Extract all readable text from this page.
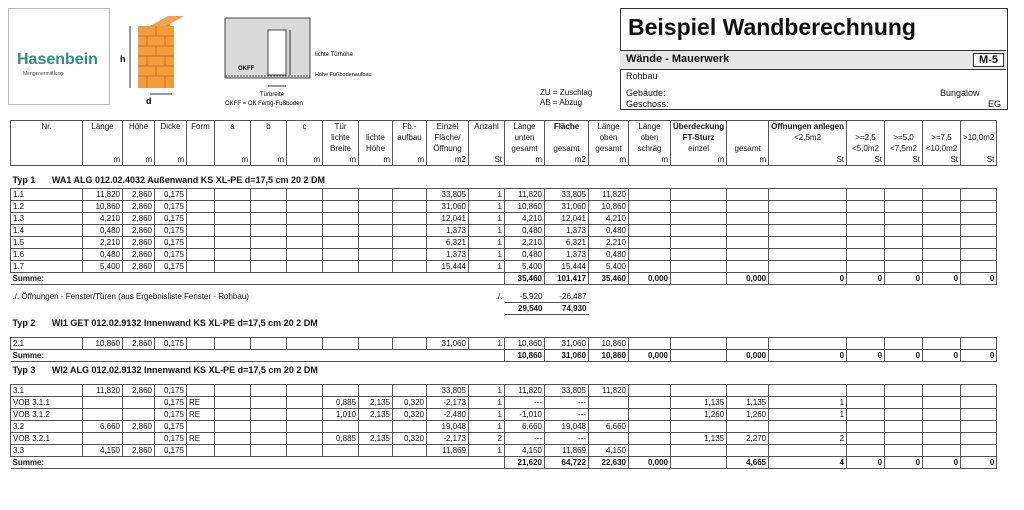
Hasenbein
Mengenermittlung
h
d
OKFF
lichte Türhöhe
Höhe Fußbodenaufbau
Türbreite
OKFF = OK Fertig-Fußboden
ZU = Zuschlag
AB = Abzug
Beispiel Wandberechnung
Wände - Mauerwerk	M-5
Rohbau
Gebäude:	Bungalow
Geschoss:	EG
Nr.	Länge	Höhe	Dicke	Form	a	b	c	Tür		Fb.-	Einzel	Anzahl	Länge	Fläche	Länge	Länge	Überdeckung		Öffnungen anlegen				
								lichte	lichte	aufbau	Fläche/		unten		oben	oben	FT-Sturz		<2,5m2	>=2,5	>=5,0	>=7,5	>10,0m2
								Breite	Höhe		Öffnung		gesamt	gesamt	gesamt	schräg	einzel	gesamt		<5,0m2	<7,5m2	<10,0m2	
	m	m	m		m	m	m	m	m	m	m2	St	m	m2	m	m	m	m	St	St	St	St	St

Typ 1 WA1 ALG 012.02.4032 Außenwand KS XL-PE d=17,5 cm 20 2 DM																							
1.1	11,820	2,860	0,175								33,805	1	11,820	33,805	11,820								
1.2	10,860	2,860	0,175								31,060	1	10,860	31,060	10,860								
1.3	4,210	2,860	0,175								12,041	1	4,210	12,041	4,210								
1.4	0,480	2,860	0,175								1,373	1	0,480	1,373	0,480								
1.5	2,210	2,860	0,175								6,321	1	2,210	6,321	2,210								
1.6	0,480	2,860	0,175								1,373	1	0,480	1,373	0,480								
1.7	5,400	2,860	0,175								15,444	1	5,400	15,444	5,400								
Summe:													35,460	101,417	35,460	0,000		0,000	0	0	0	0	0

./. Öffnungen - Fenster/Türen (aus Ergebnisliste Fenster - Rohbau)												./.	-5,920	-26,487									
													29,540	74,930									
Typ 2 WI1 GET 012.02.9132 Innenwand KS XL-PE d=17,5 cm 20 2 DM																							

2.1	10,860	2,860	0,175								31,060	1	10,860	31,060	10,860								
Summe:													10,860	31,060	10,860	0,000		0,000	0	0	0	0	0
Typ 3 WI2 ALG 012.02.9132 Innenwand KS XL-PE d=17,5 cm 20 2 DM																							

3.1	11,820	2,860	0,175								33,805	1	11,820	33,805	11,820								
VOB 3.1.1			0,175	RE				0,885	2,135	0,320	-2,173	1	---	---			1,135	1,135	1				
VOB 3.1.2			0,175	RE				1,010	2,135	0,320	-2,480	1	-1,010	---			1,260	1,260	1				
3.2	6,660	2,860	0,175								19,048	1	6,660	19,048	6,660								
VOB 3.2.1			0,175	RE				0,885	2,135	0,320	-2,173	2	---	---			1,135	2,270	2				
3.3	4,150	2,860	0,175								11,869	1	4,150	11,869	4,150								
Summe:													21,620	64,722	22,630	0,000		4,665	4	0	0	0	0
